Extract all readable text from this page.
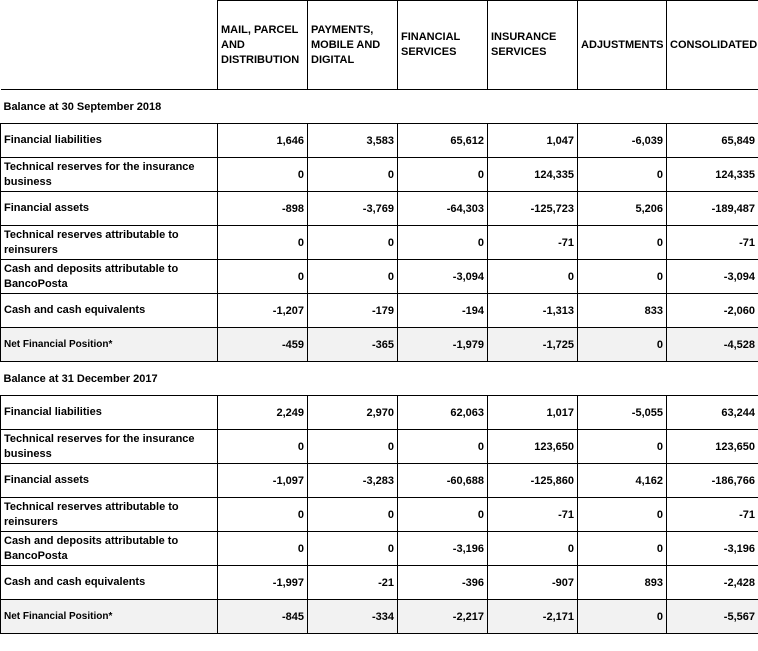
	MAIL, PARCEL AND DISTRIBUTION	PAYMENTS, MOBILE AND DIGITAL	FINANCIAL SERVICES	INSURANCE SERVICES	ADJUSTMENTS	CONSOLIDATED
Balance at 30 September 2018						
Financial liabilities	1,646	3,583	65,612	1,047	-6,039	65,849
Technical reserves for the insurance business	0	0	0	124,335	0	124,335
Financial assets	-898	-3,769	-64,303	-125,723	5,206	-189,487
Technical reserves attributable to reinsurers	0	0	0	-71	0	-71
Cash and deposits attributable to BancoPosta	0	0	-3,094	0	0	-3,094
Cash and cash equivalents	-1,207	-179	-194	-1,313	833	-2,060
Net Financial Position*	-459	-365	-1,979	-1,725	0	-4,528
Balance at 31 December 2017						
Financial liabilities	2,249	2,970	62,063	1,017	-5,055	63,244
Technical reserves for the insurance business	0	0	0	123,650	0	123,650
Financial assets	-1,097	-3,283	-60,688	-125,860	4,162	-186,766
Technical reserves attributable to reinsurers	0	0	0	-71	0	-71
Cash and deposits attributable to BancoPosta	0	0	-3,196	0	0	-3,196
Cash and cash equivalents	-1,997	-21	-396	-907	893	-2,428
Net Financial Position*	-845	-334	-2,217	-2,171	0	-5,567
